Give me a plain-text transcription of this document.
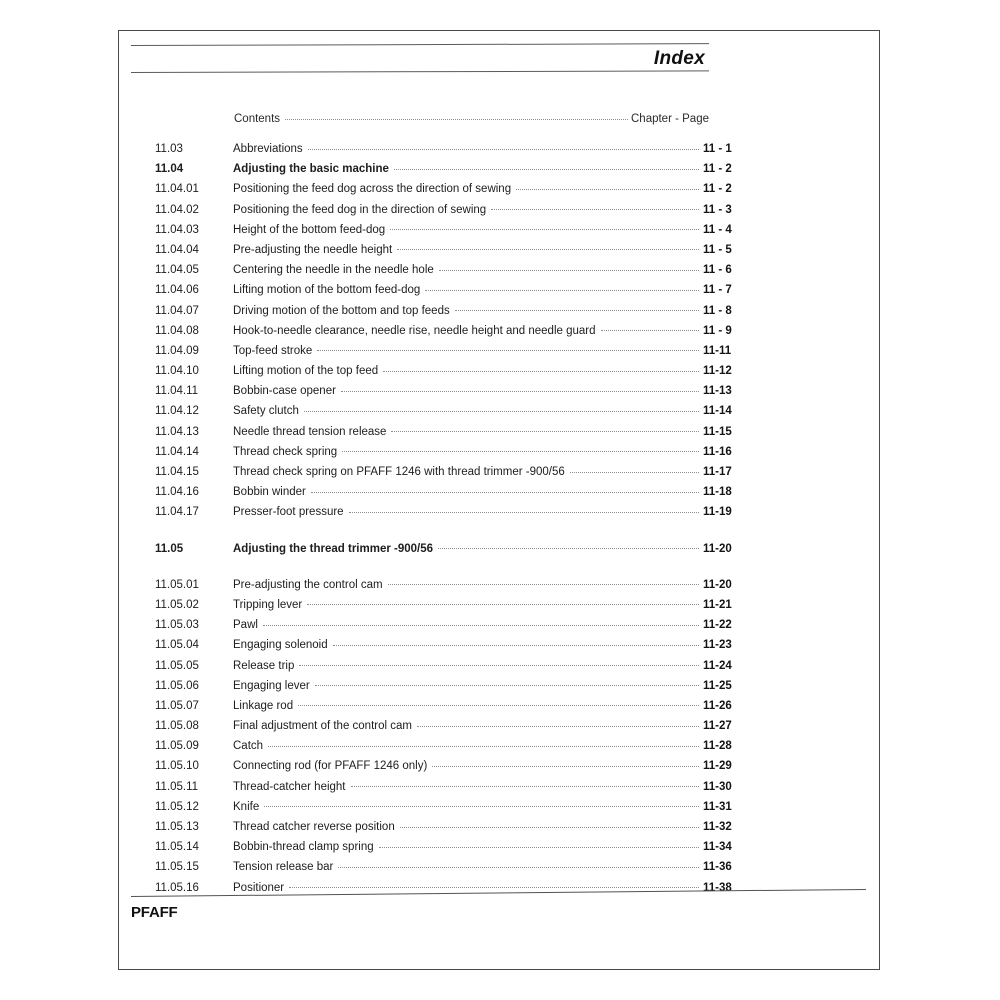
Index
Contents	Chapter - Page
11.03	Abbreviations	11 - 1
11.04	Adjusting the basic machine	11 - 2
11.04.01	Positioning the feed dog across the direction of sewing	11 - 2
11.04.02	Positioning the feed dog in the direction of sewing	11 - 3
11.04.03	Height of the bottom feed-dog	11 - 4
11.04.04	Pre-adjusting the needle height	11 - 5
11.04.05	Centering the needle in the needle hole	11 - 6
11.04.06	Lifting motion of the bottom feed-dog	11 - 7
11.04.07	Driving motion of the bottom and top feeds	11 - 8
11.04.08	Hook-to-needle clearance, needle rise, needle height and needle guard	11 - 9
11.04.09	Top-feed stroke	11-11
11.04.10	Lifting motion of the top feed	11-12
11.04.11	Bobbin-case opener	11-13
11.04.12	Safety clutch	11-14
11.04.13	Needle thread tension release	11-15
11.04.14	Thread check spring	11-16
11.04.15	Thread check spring on PFAFF 1246 with thread trimmer -900/56	11-17
11.04.16	Bobbin winder	11-18
11.04.17	Presser-foot pressure	11-19
11.05	Adjusting the thread trimmer -900/56	11-20
11.05.01	Pre-adjusting the control cam	11-20
11.05.02	Tripping lever	11-21
11.05.03	Pawl	11-22
11.05.04	Engaging solenoid	11-23
11.05.05	Release trip	11-24
11.05.06	Engaging lever	11-25
11.05.07	Linkage rod	11-26
11.05.08	Final adjustment of the control cam	11-27
11.05.09	Catch	11-28
11.05.10	Connecting rod (for PFAFF 1246 only)	11-29
11.05.11	Thread-catcher height	11-30
11.05.12	Knife	11-31
11.05.13	Thread catcher reverse position	11-32
11.05.14	Bobbin-thread clamp spring	11-34
11.05.15	Tension release bar	11-36
11.05.16	Positioner	11-38
PFAFF
